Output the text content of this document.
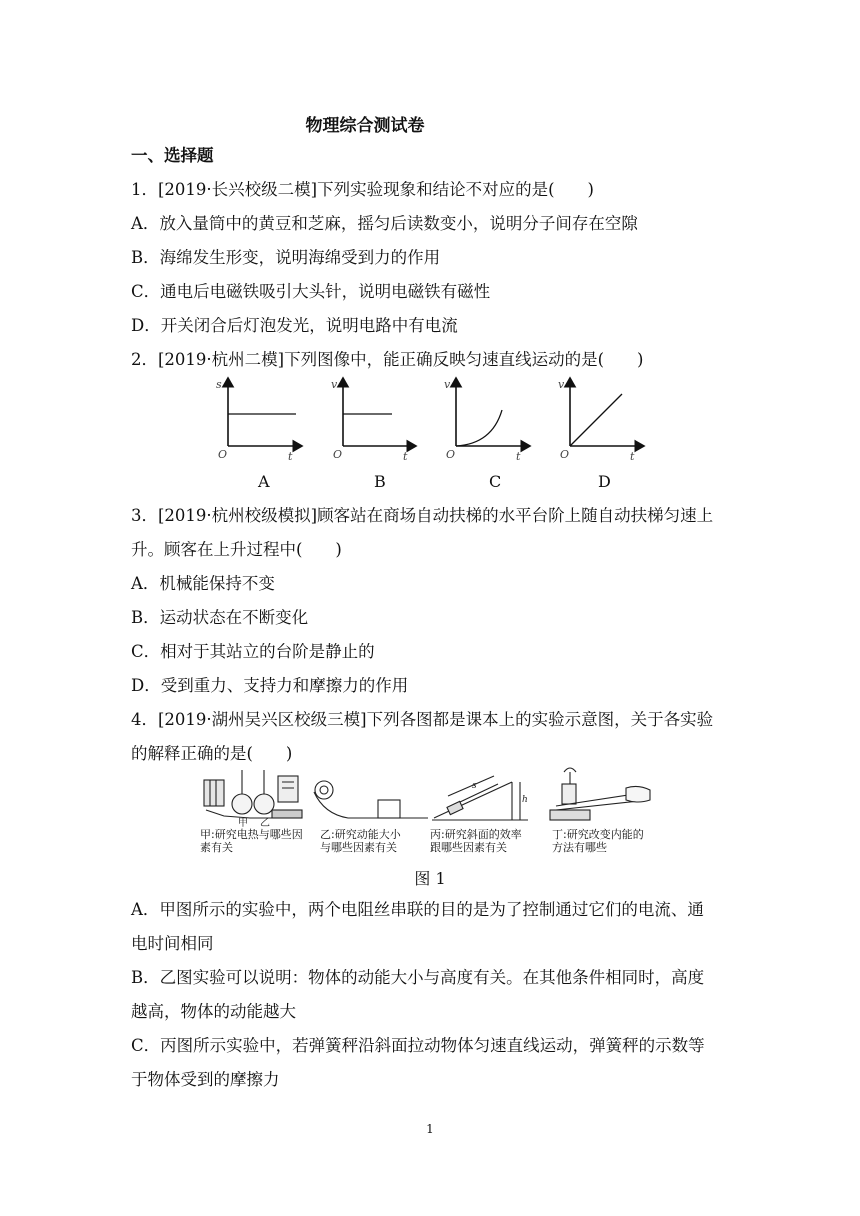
物理综合测试卷
一、选择题
1．[2019·长兴校级二模]下列实验现象和结论不对应的是(　　)
A．放入量筒中的黄豆和芝麻，摇匀后读数变小，说明分子间存在空隙
B．海绵发生形变，说明海绵受到力的作用
C．通电后电磁铁吸引大头针，说明电磁铁有磁性
D．开关闭合后灯泡发光，说明电路中有电流
2．[2019·杭州二模]下列图像中，能正确反映匀速直线运动的是(　　)
s
O	t
v
O	t
v
O	t
v
O	t
A	B	C	D
3．[2019·杭州校级模拟]顾客站在商场自动扶梯的水平台阶上随自动扶梯匀速上
升。顾客在上升过程中(　　)
A．机械能保持不变
B．运动状态在不断变化
C．相对于其站立的台阶是静止的
D．受到重力、支持力和摩擦力的作用
4．[2019·湖州吴兴区校级三模]下列各图都是课本上的实验示意图，关于各实验
的解释正确的是(　　)
甲 乙
s
h
甲:研究电热与哪些因
素有关
乙:研究动能大小
与哪些因素有关
丙:研究斜面的效率
跟哪些因素有关
丁:研究改变内能的
方法有哪些
图 1
A．甲图所示的实验中，两个电阻丝串联的目的是为了控制通过它们的电流、通
电时间相同
B．乙图实验可以说明：物体的动能大小与高度有关。在其他条件相同时，高度
越高，物体的动能越大
C．丙图所示实验中，若弹簧秤沿斜面拉动物体匀速直线运动，弹簧秤的示数等
于物体受到的摩擦力
1
